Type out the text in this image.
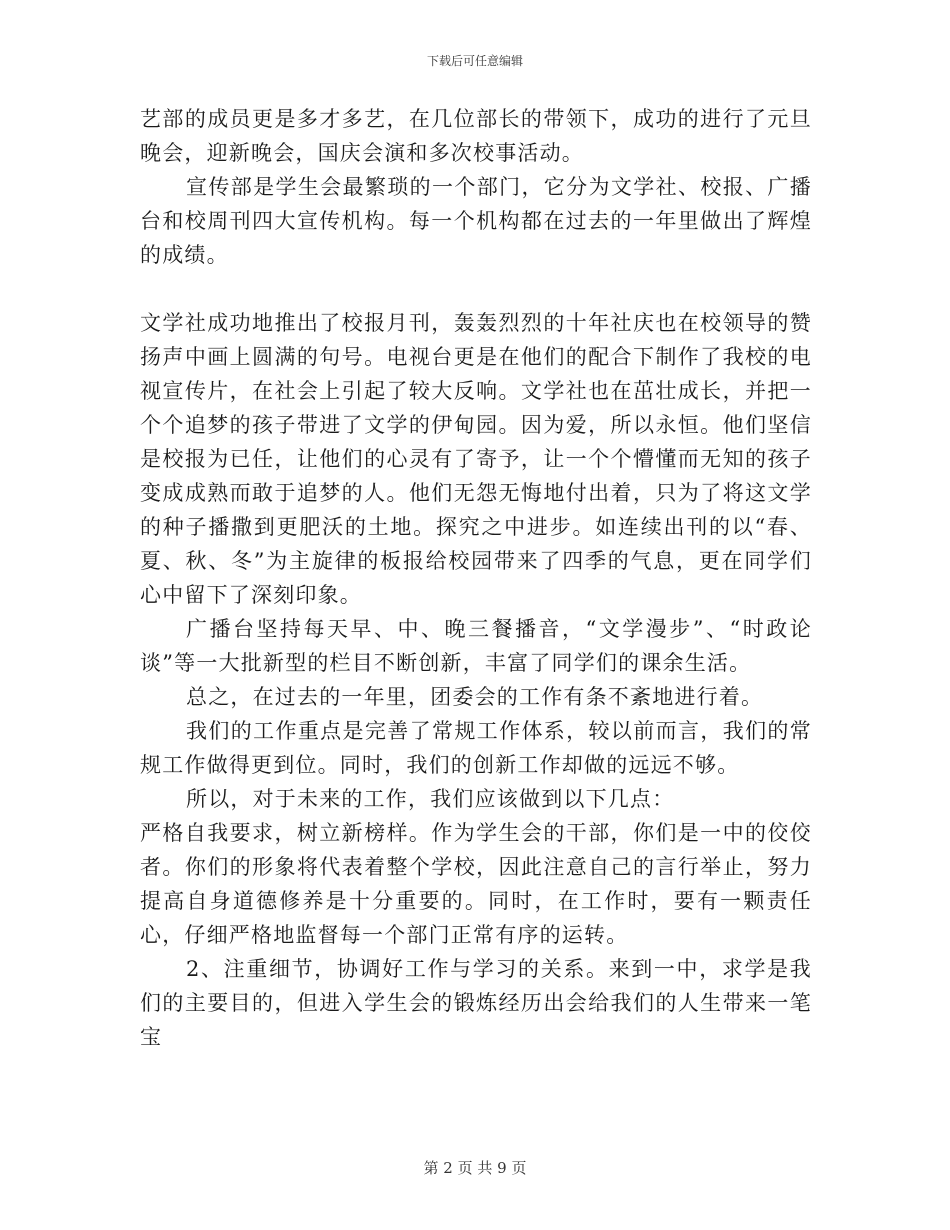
下载后可任意编辑

艺部的成员更是多才多艺，在几位部长的带领下，成功的进行了元旦晚会，迎新晚会，国庆会演和多次校事活动。

宣传部是学生会最繁琐的一个部门，它分为文学社、校报、广播台和校周刊四大宣传机构。每一个机构都在过去的一年里做出了辉煌的成绩。

文学社成功地推出了校报月刊，轰轰烈烈的十年社庆也在校领导的赞扬声中画上圆满的句号。电视台更是在他们的配合下制作了我校的电视宣传片，在社会上引起了较大反响。文学社也在茁壮成长，并把一个个追梦的孩子带进了文学的伊甸园。因为爱，所以永恒。他们坚信是校报为已任，让他们的心灵有了寄予，让一个个懵懂而无知的孩子变成成熟而敢于追梦的人。他们无怨无悔地付出着，只为了将这文学的种子播撒到更肥沃的土地。探究之中进步。如连续出刊的以“春、夏、秋、冬”为主旋律的板报给校园带来了四季的气息，更在同学们心中留下了深刻印象。

广播台坚持每天早、中、晚三餐播音，“文学漫步”、“时政论谈”等一大批新型的栏目不断创新，丰富了同学们的课余生活。

总之，在过去的一年里，团委会的工作有条不紊地进行着。

我们的工作重点是完善了常规工作体系，较以前而言，我们的常规工作做得更到位。同时，我们的创新工作却做的远远不够。

所以，对于未来的工作，我们应该做到以下几点：

严格自我要求，树立新榜样。作为学生会的干部，你们是一中的佼佼者。你们的形象将代表着整个学校，因此注意自己的言行举止，努力提高自身道德修养是十分重要的。同时，在工作时，要有一颗责任心，仔细严格地监督每一个部门正常有序的运转。

2、注重细节，协调好工作与学习的关系。来到一中，求学是我们的主要目的，但进入学生会的锻炼经历出会给我们的人生带来一笔宝

第 2 页 共 9 页
